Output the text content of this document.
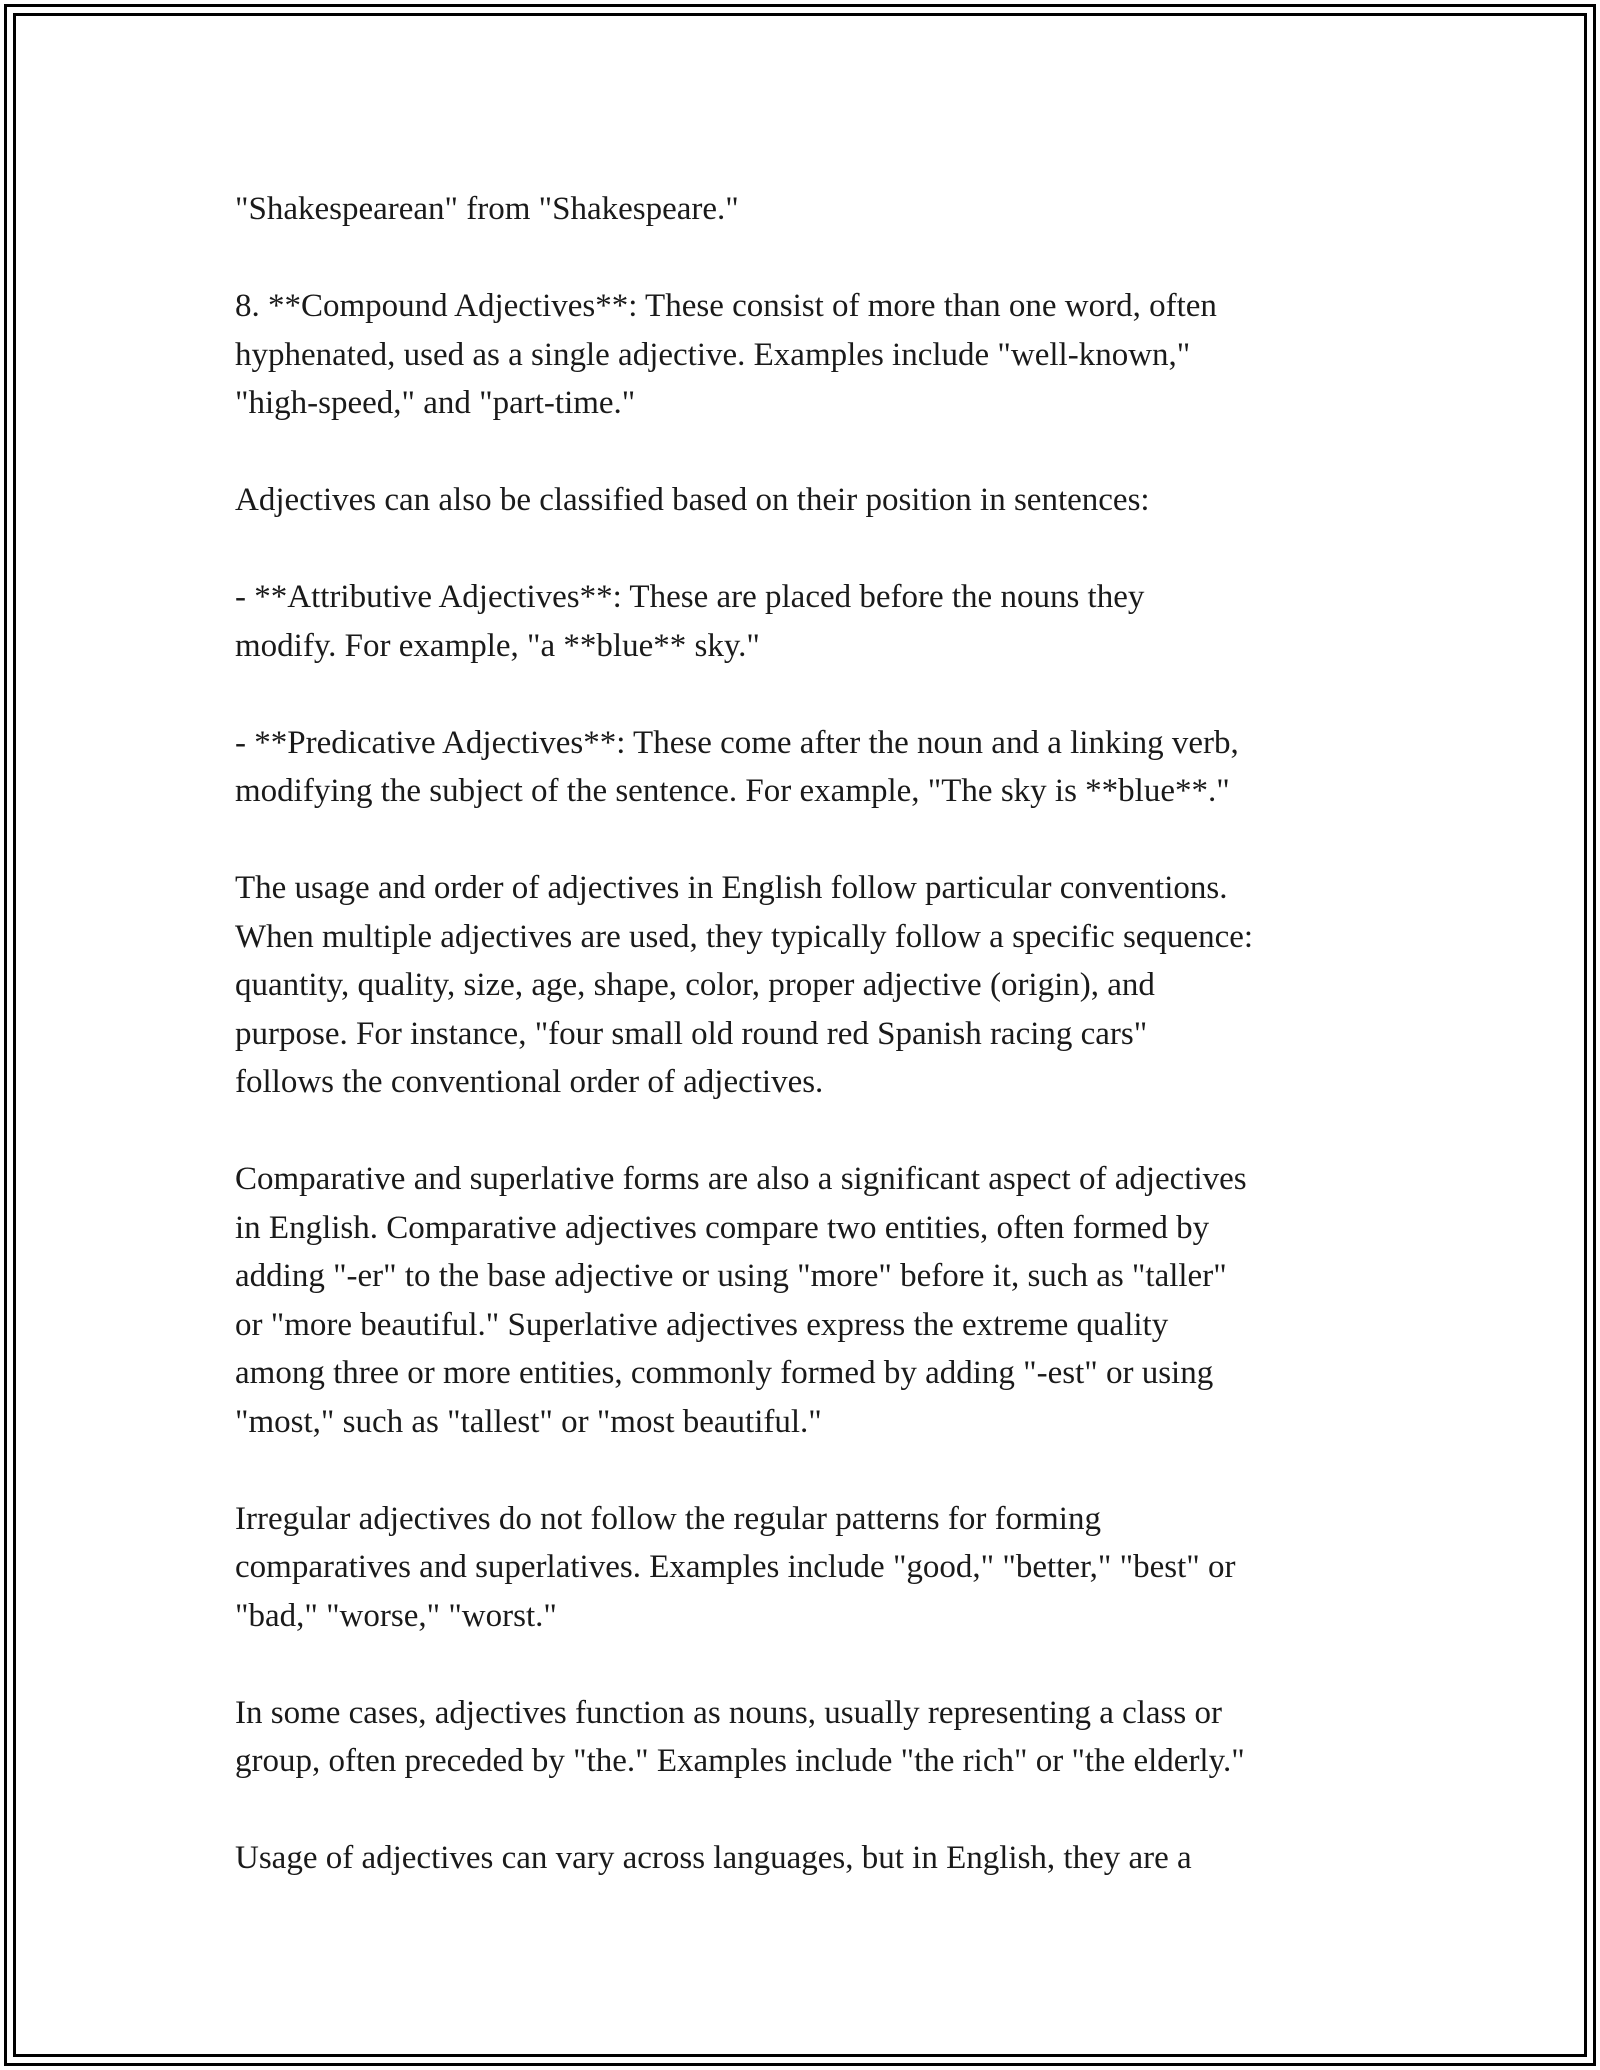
"Shakespearean" from "Shakespeare."

8. **Compound Adjectives**: These consist of more than one word, often
hyphenated, used as a single adjective. Examples include "well-known,"
"high-speed," and "part-time."

Adjectives can also be classified based on their position in sentences:

- **Attributive Adjectives**: These are placed before the nouns they
modify. For example, "a **blue** sky."

- **Predicative Adjectives**: These come after the noun and a linking verb,
modifying the subject of the sentence. For example, "The sky is **blue**."

The usage and order of adjectives in English follow particular conventions.
When multiple adjectives are used, they typically follow a specific sequence:
quantity, quality, size, age, shape, color, proper adjective (origin), and
purpose. For instance, "four small old round red Spanish racing cars"
follows the conventional order of adjectives.

Comparative and superlative forms are also a significant aspect of adjectives
in English. Comparative adjectives compare two entities, often formed by
adding "-er" to the base adjective or using "more" before it, such as "taller"
or "more beautiful." Superlative adjectives express the extreme quality
among three or more entities, commonly formed by adding "-est" or using
"most," such as "tallest" or "most beautiful."

Irregular adjectives do not follow the regular patterns for forming
comparatives and superlatives. Examples include "good," "better," "best" or
"bad," "worse," "worst."

In some cases, adjectives function as nouns, usually representing a class or
group, often preceded by "the." Examples include "the rich" or "the elderly."

Usage of adjectives can vary across languages, but in English, they are a
